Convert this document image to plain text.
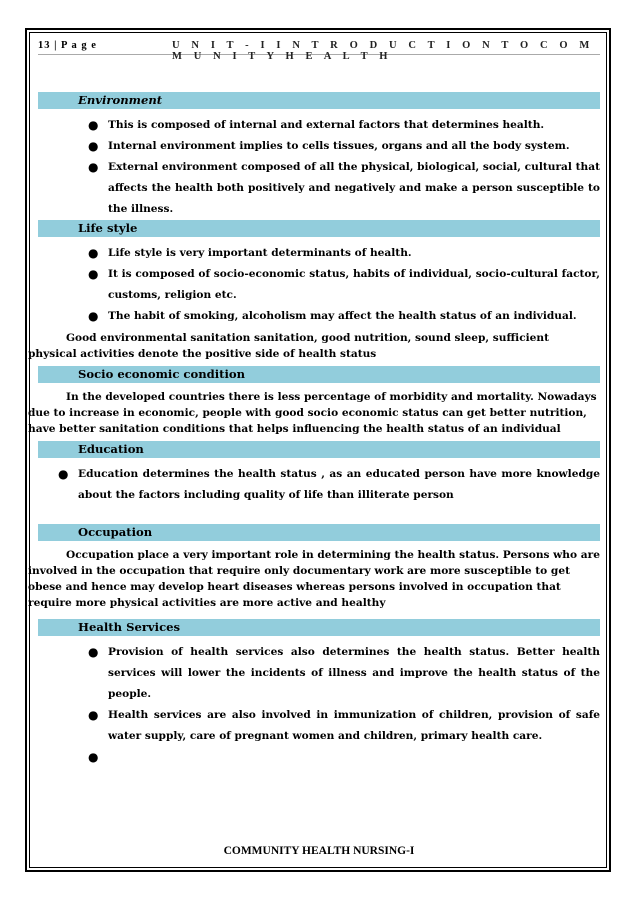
13 | P a g e	U N I T - I I N T R O D U C T I O N T O C O M M U N I T Y H E A L T H
Environment
● This is composed of internal and external factors that determines health.
● Internal environment implies to cells tissues, organs and all the body system.
● External environment composed of all the physical, biological, social, cultural that affects the health both positively and negatively and make a person susceptible to the illness.
Life style
● Life style is very important determinants of health.
● It is composed of socio-economic status, habits of individual, socio-cultural factor, customs, religion etc.
● The habit of smoking, alcoholism may affect the health status of an individual.

Good environmental sanitation sanitation, good nutrition, sound sleep, sufficient physical activities denote the positive side of health status

Socio economic condition

In the developed countries there is less percentage of morbidity and mortality. Nowadays due to increase in economic, people with good socio economic status can get better nutrition, have better sanitation conditions that helps influencing the health status of an individual

Education
● Education determines the health status , as an educated person have more knowledge about the factors including quality of life than illiterate person
Occupation

Occupation place a very important role in determining the health status. Persons who are involved in the occupation that require only documentary work are more susceptible to get obese and hence may develop heart diseases whereas persons involved in occupation that require more physical activities are more active and healthy

Health Services
● Provision of health services also determines the health status. Better health services will lower the incidents of illness and improve the health status of the people.
● Health services are also involved in immunization of children, provision of safe water supply, care of pregnant women and children, primary health care.
●
COMMUNITY HEALTH NURSING-I
